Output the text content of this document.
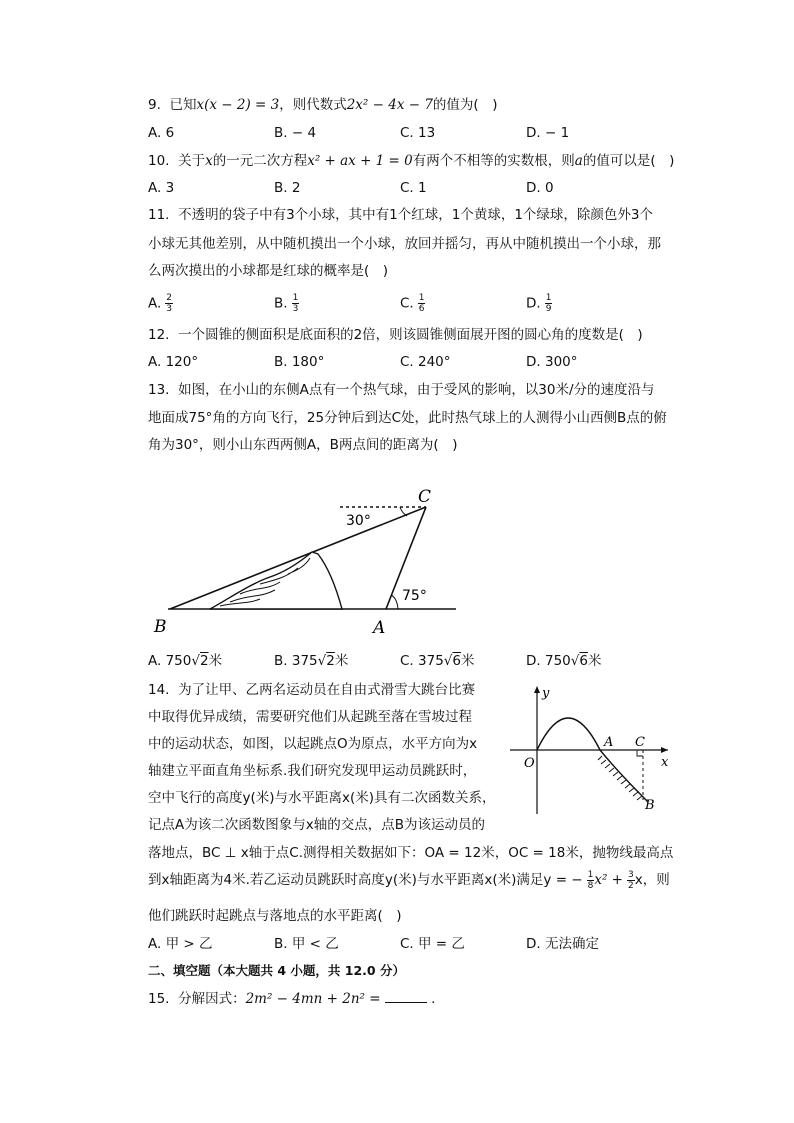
9. 已知x(x − 2) = 3，则代数式2x² − 4x − 7的值为(　)
A. 6	B. − 4	C. 13	D. − 1
10. 关于x的一元二次方程x² + ax + 1 = 0有两个不相等的实数根，则a的值可以是(　)
A. 3	B. 2	C. 1	D. 0
11. 不透明的袋子中有3个小球，其中有1个红球，1个黄球，1个绿球，除颜色外3个
小球无其他差别，从中随机摸出一个小球，放回并摇匀，再从中随机摸出一个小球，那
么两次摸出的小球都是红球的概率是(　)
A. $\frac{2}{3}$	B. $\frac{1}{3}$	C. $\frac{1}{6}$	D. $\frac{1}{9}$
12. 一个圆锥的侧面积是底面积的2倍，则该圆锥侧面展开图的圆心角的度数是(　)
A. 120°	B. 180°	C. 240°	D. 300°
13. 如图，在小山的东侧A点有一个热气球，由于受风的影响，以30米/分的速度沿与
地面成75°角的方向飞行，25分钟后到达C处，此时热气球上的人测得小山西侧B点的俯
角为30°，则小山东西两侧A，B两点间的距离为(　)
B	A
C
30°
75°
A. 750√2米	B. 375√2米	C. 375√6米	D. 750√6米
14. 为了让甲、乙两名运动员在自由式滑雪大跳台比赛
中取得优异成绩，需要研究他们从起跳至落在雪坡过程
中的运动状态，如图，以起跳点O为原点，水平方向为x
轴建立平面直角坐标系.我们研究发现甲运动员跳跃时，
空中飞行的高度y(米)与水平距离x(米)具有二次函数关系，
记点A为该二次函数图象与x轴的交点，点B为该运动员的
落地点，BC ⊥ x轴于点C.测得相关数据如下：OA = 12米，OC = 18米，抛物线最高点
到x轴距离为4米.若乙运动员跳跃时高度y(米)与水平距离x(米)满足y = − $\frac{1}{8} x^2 + \frac{3}{2}$ x，则
他们跳跃时起跳点与落地点的水平距离(　)
y
x
O
A C
B
A. 甲 > 乙	B. 甲 < 乙	C. 甲 = 乙	D. 无法确定
二、填空题（本大题共 4 小题，共 12.0 分）
15. 分解因式：2m² − 4mn + 2n² =	.
